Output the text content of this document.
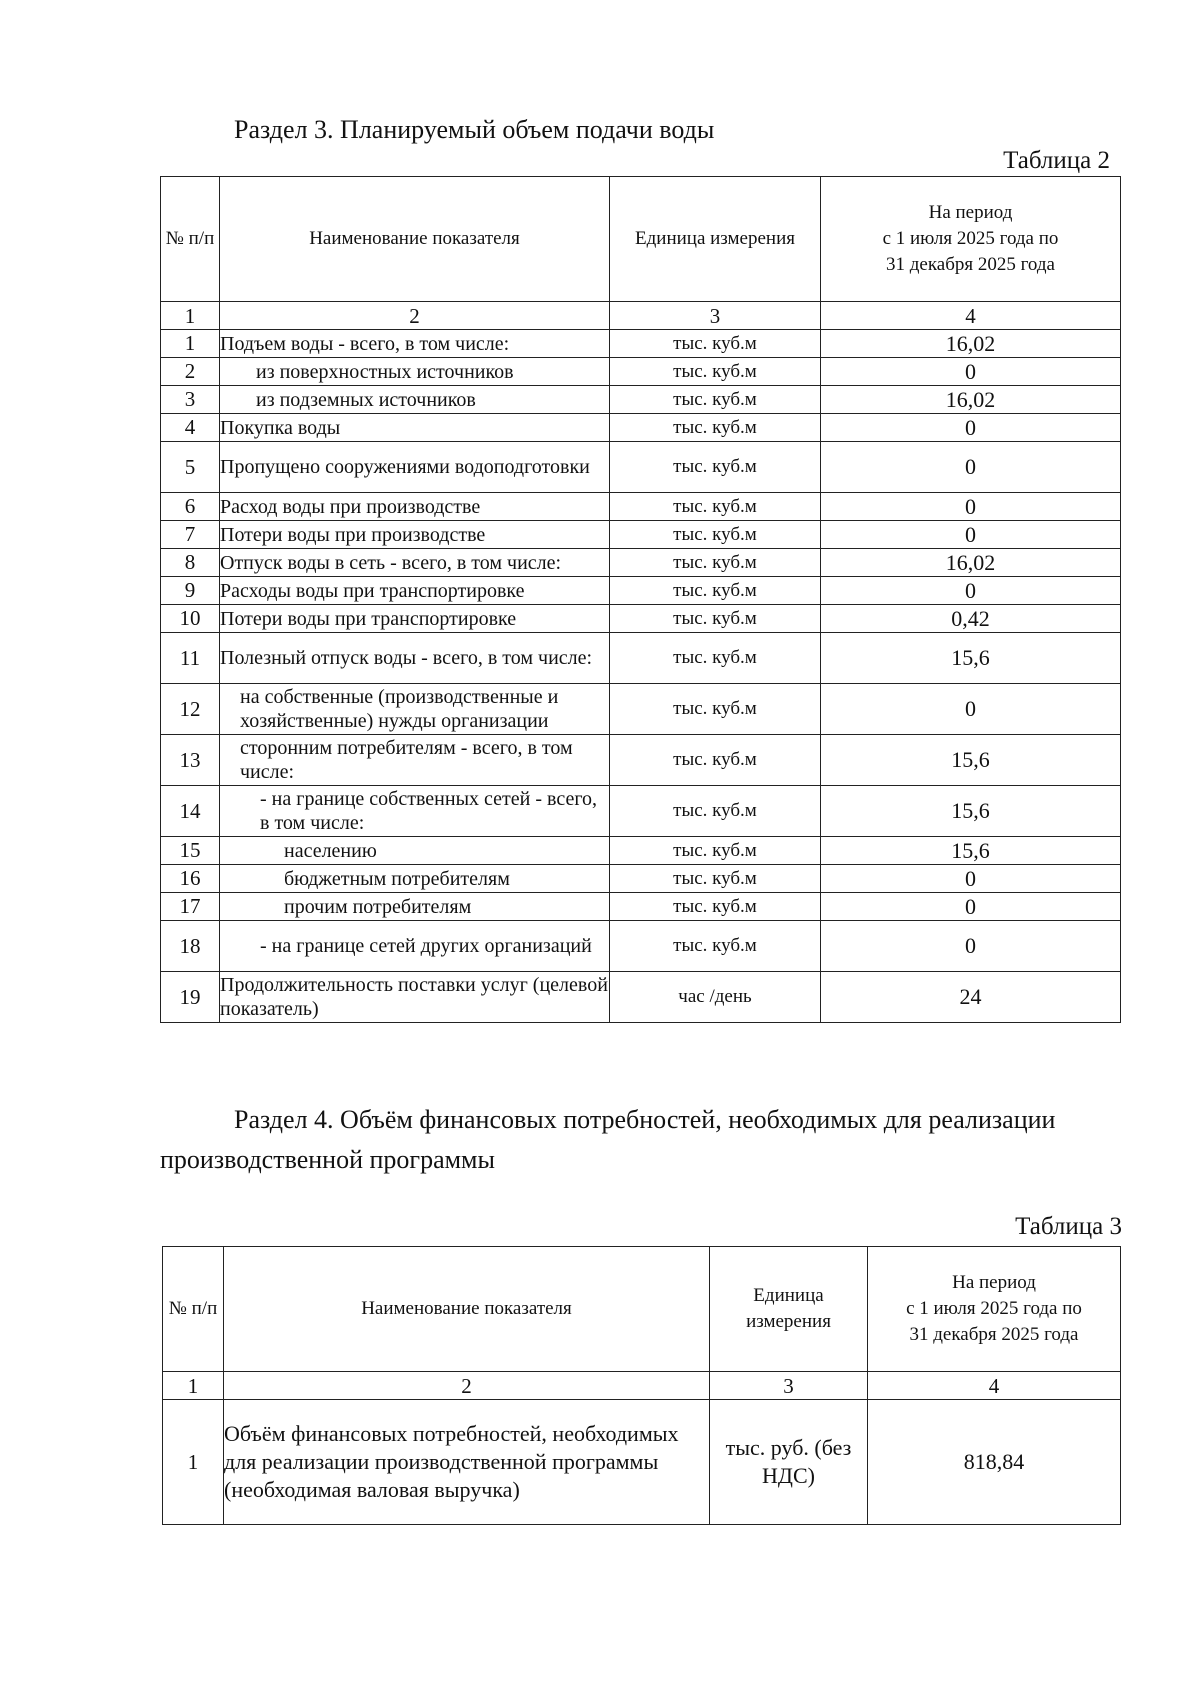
Раздел 3. Планируемый объем подачи воды

Таблица 2

№ п/п	Наименование показателя	Единица измерения	На период
с 1 июля 2025 года по
31 декабря 2025 года

1	2	3	4
1	Подъем воды - всего, в том числе:	тыс. куб.м	16,02
2	из поверхностных источников	тыс. куб.м	0
3	из подземных источников	тыс. куб.м	16,02
4	Покупка воды	тыс. куб.м	0
5	Пропущено сооружениями водоподготовки	тыс. куб.м	0
6	Расход воды при производстве	тыс. куб.м	0
7	Потери воды при производстве	тыс. куб.м	0
8	Отпуск воды в сеть - всего, в том числе:	тыс. куб.м	16,02
9	Расходы воды при транспортировке	тыс. куб.м	0
10	Потери воды при транспортировке	тыс. куб.м	0,42
11	Полезный отпуск воды - всего, в том числе:	тыс. куб.м	15,6
12	на собственные (производственные и хозяйственные) нужды организации	тыс. куб.м	0
13	сторонним потребителям - всего, в том числе:	тыс. куб.м	15,6
14	- на границе собственных сетей - всего, в том числе:	тыс. куб.м	15,6
15	населению	тыс. куб.м	15,6
16	бюджетным потребителям	тыс. куб.м	0
17	прочим потребителям	тыс. куб.м	0
18	- на границе сетей других организаций	тыс. куб.м	0
19	Продолжительность поставки услуг (целевой показатель)	час /день	24
Раздел 4. Объём финансовых потребностей, необходимых для реализации производственной программы

Таблица 3

№ п/п	Наименование показателя	Единица измерения	На период
с 1 июля 2025 года по
31 декабря 2025 года

1	2	3	4
1	Объём финансовых потребностей, необходимых для реализации производственной программы (необходимая валовая выручка)	тыс. руб. (без НДС)	818,84
